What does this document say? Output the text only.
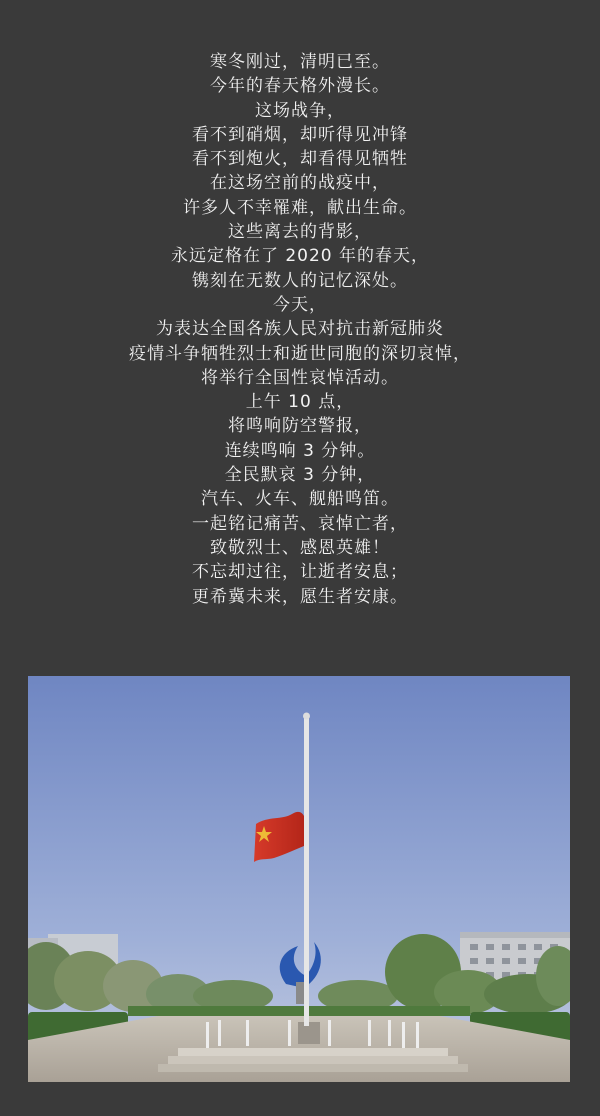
寒冬刚过，清明已至。
今年的春天格外漫长。
这场战争，
看不到硝烟，却听得见冲锋
看不到炮火，却看得见牺牲
在这场空前的战疫中，
许多人不幸罹难，献出生命。
这些离去的背影，
永远定格在了 2020 年的春天，
镌刻在无数人的记忆深处。
今天，
为表达全国各族人民对抗击新冠肺炎
疫情斗争牺牲烈士和逝世同胞的深切哀悼，
将举行全国性哀悼活动。
上午 10 点，
将鸣响防空警报，
连续鸣响 3 分钟。
全民默哀 3 分钟，
汽车、火车、舰船鸣笛。
一起铭记痛苦、哀悼亡者，
致敬烈士、感恩英雄！
不忘却过往，让逝者安息；
更希冀未来，愿生者安康。
